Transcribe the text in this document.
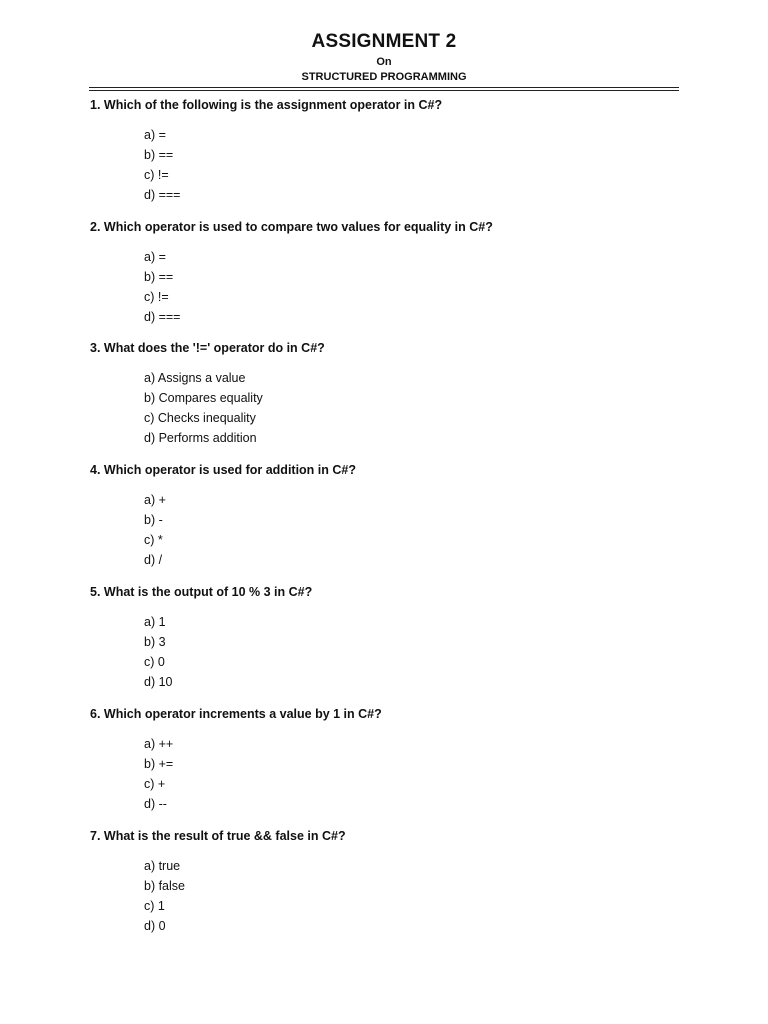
ASSIGNMENT 2
On
STRUCTURED PROGRAMMING
1. Which of the following is the assignment operator in C#?
a) =
b) ==
c) !=
d) ===
2. Which operator is used to compare two values for equality in C#?
a) =
b) ==
c) !=
d) ===
3. What does the '!=' operator do in C#?
a) Assigns a value
b) Compares equality
c) Checks inequality
d) Performs addition
4. Which operator is used for addition in C#?
a) +
b) -
c) *
d) /
5. What is the output of 10 % 3 in C#?
a) 1
b) 3
c) 0
d) 10
6. Which operator increments a value by 1 in C#?
a) ++
b) +=
c) +
d) --
7. What is the result of true && false in C#?
a) true
b) false
c) 1
d) 0
